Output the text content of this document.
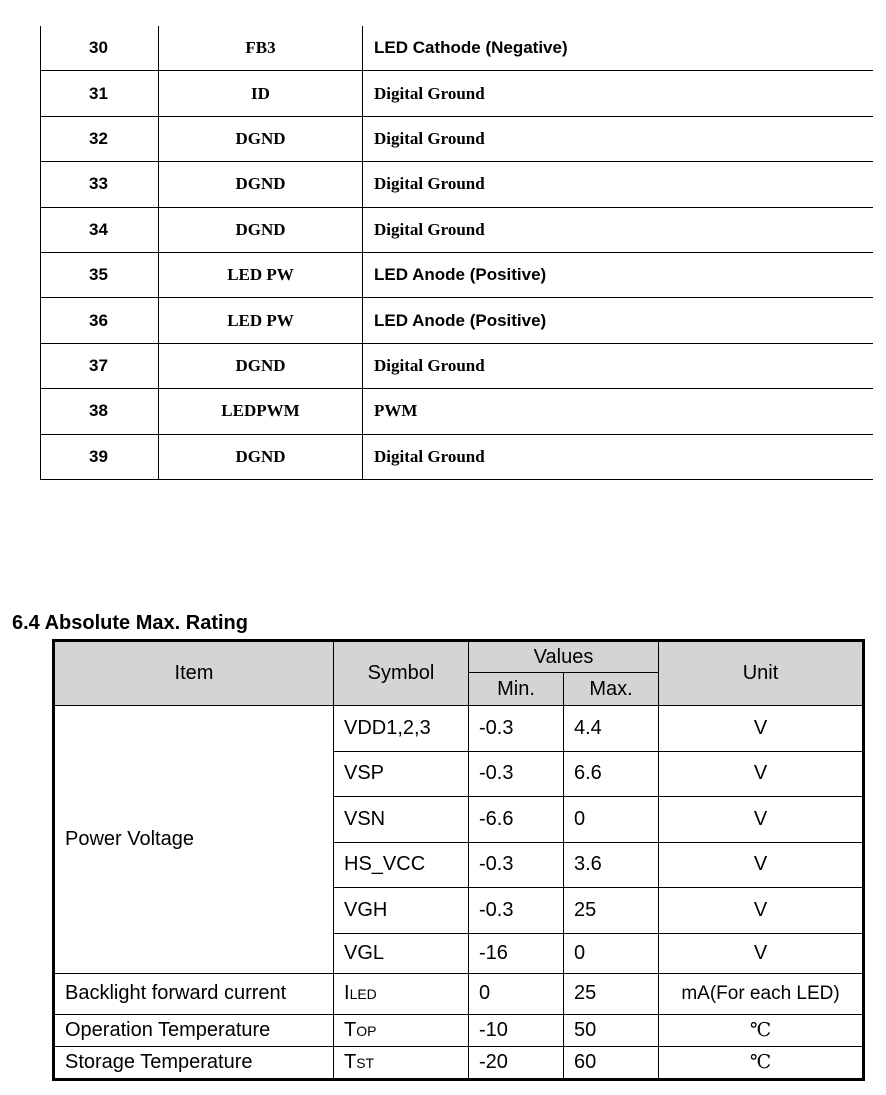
30	FB3	LED Cathode (Negative)
31	ID	Digital Ground
32	DGND	Digital Ground
33	DGND	Digital Ground
34	DGND	Digital Ground
35	LED PW	LED Anode (Positive)
36	LED PW	LED Anode (Positive)
37	DGND	Digital Ground
38	LEDPWM	PWM
39	DGND	Digital Ground
6.4 Absolute Max. Rating
Item	Symbol	Values		Unit
		Min.	Max.	
Power Voltage	VDD1,2,3	-0.3	4.4	V
	VSP	-0.3	6.6	V
	VSN	-6.6	0	V
	HS_VCC	-0.3	3.6	V
	VGH	-0.3	25	V
	VGL	-16	0	V
Backlight forward current	ILED	0	25	mA(For each LED)
Operation Temperature	TOP	-10	50	℃
Storage Temperature	TST	-20	60	℃
